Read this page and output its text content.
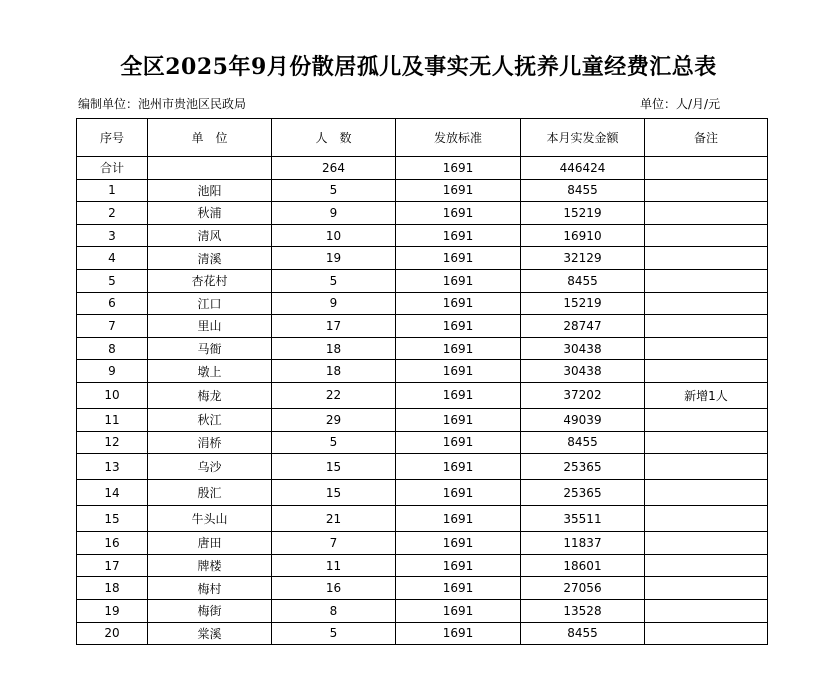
全区2025年9月份散居孤儿及事实无人抚养儿童经费汇总表
编制单位：池州市贵池区民政局	单位：人/月/元
序号	单　位	人　数	发放标准	本月实发金额	备注
合计		264	1691	446424	
1	池阳	5	1691	8455	
2	秋浦	9	1691	15219	
3	清风	10	1691	16910	
4	清溪	19	1691	32129	
5	杏花村	5	1691	8455	
6	江口	9	1691	15219	
7	里山	17	1691	28747	
8	马衙	18	1691	30438	
9	墩上	18	1691	30438	
10	梅龙	22	1691	37202	新增1人
11	秋江	29	1691	49039	
12	涓桥	5	1691	8455	
13	乌沙	15	1691	25365	
14	殷汇	15	1691	25365	
15	牛头山	21	1691	35511	
16	唐田	7	1691	11837	
17	牌楼	11	1691	18601	
18	梅村	16	1691	27056	
19	梅街	8	1691	13528	
20	棠溪	5	1691	8455	
